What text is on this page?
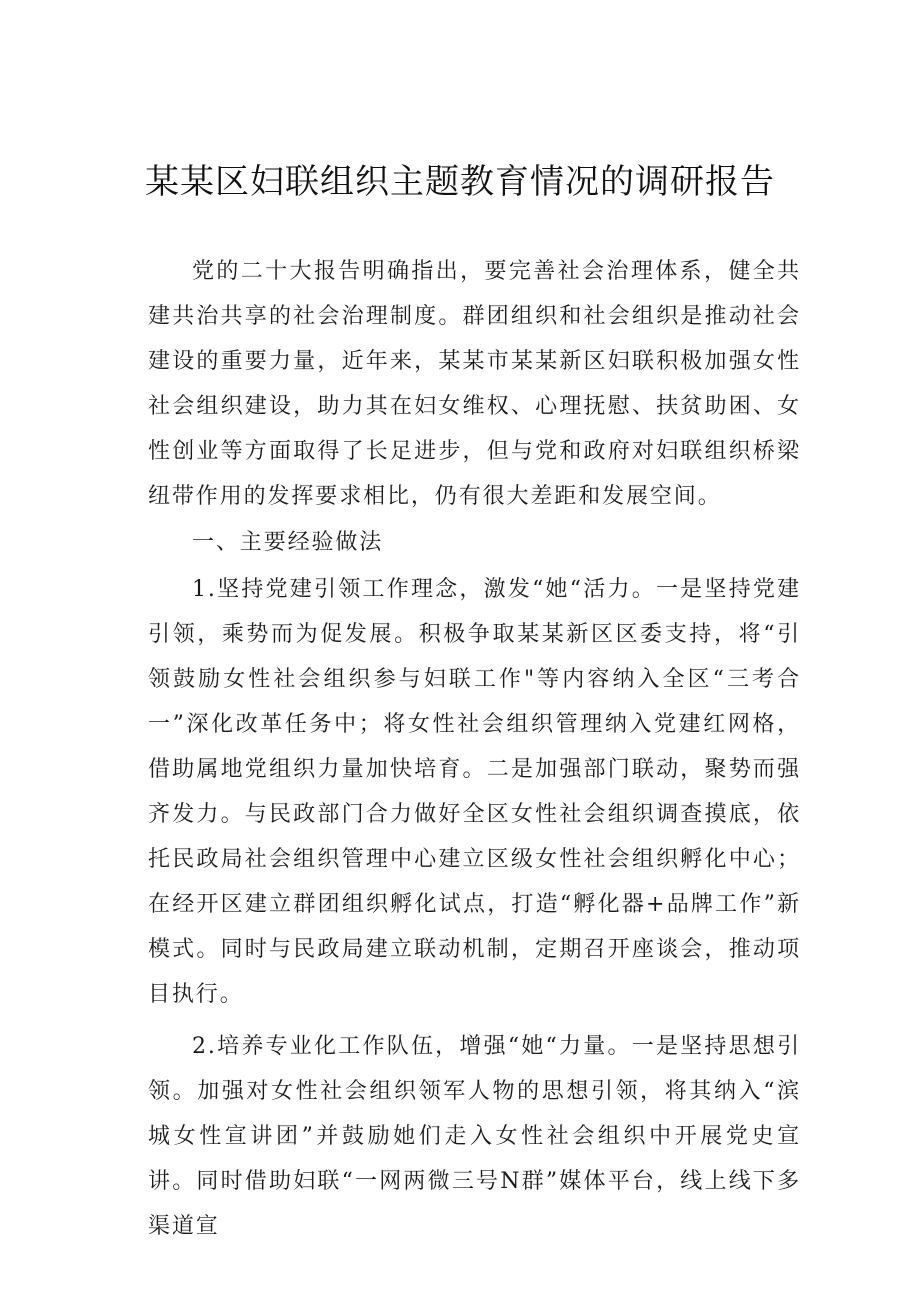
某某区妇联组织主题教育情况的调研报告

党的二十大报告明确指出，要完善社会治理体系，健全共建共治共享的社会治理制度。群团组织和社会组织是推动社会建设的重要力量，近年来，某某市某某新区妇联积极加强女性社会组织建设，助力其在妇女维权、心理抚慰、扶贫助困、女性创业等方面取得了长足进步，但与党和政府对妇联组织桥梁纽带作用的发挥要求相比，仍有很大差距和发展空间。

一、主要经验做法

1.坚持党建引领工作理念，激发“她“活力。一是坚持党建引领，乘势而为促发展。积极争取某某新区区委支持，将“引领鼓励女性社会组织参与妇联工作"等内容纳入全区“三考合一”深化改革任务中；将女性社会组织管理纳入党建红网格，借助属地党组织力量加快培育。二是加强部门联动，聚势而强齐发力。与民政部门合力做好全区女性社会组织调查摸底，依托民政局社会组织管理中心建立区级女性社会组织孵化中心；在经开区建立群团组织孵化试点，打造“孵化器+品牌工作”新模式。同时与民政局建立联动机制，定期召开座谈会，推动项目执行。

2.培养专业化工作队伍，增强“她“力量。一是坚持思想引领。加强对女性社会组织领军人物的思想引领，将其纳入“滨城女性宣讲团”并鼓励她们走入女性社会组织中开展党史宣讲。同时借助妇联“一网两微三号N群”媒体平台，线上线下多渠道宣
